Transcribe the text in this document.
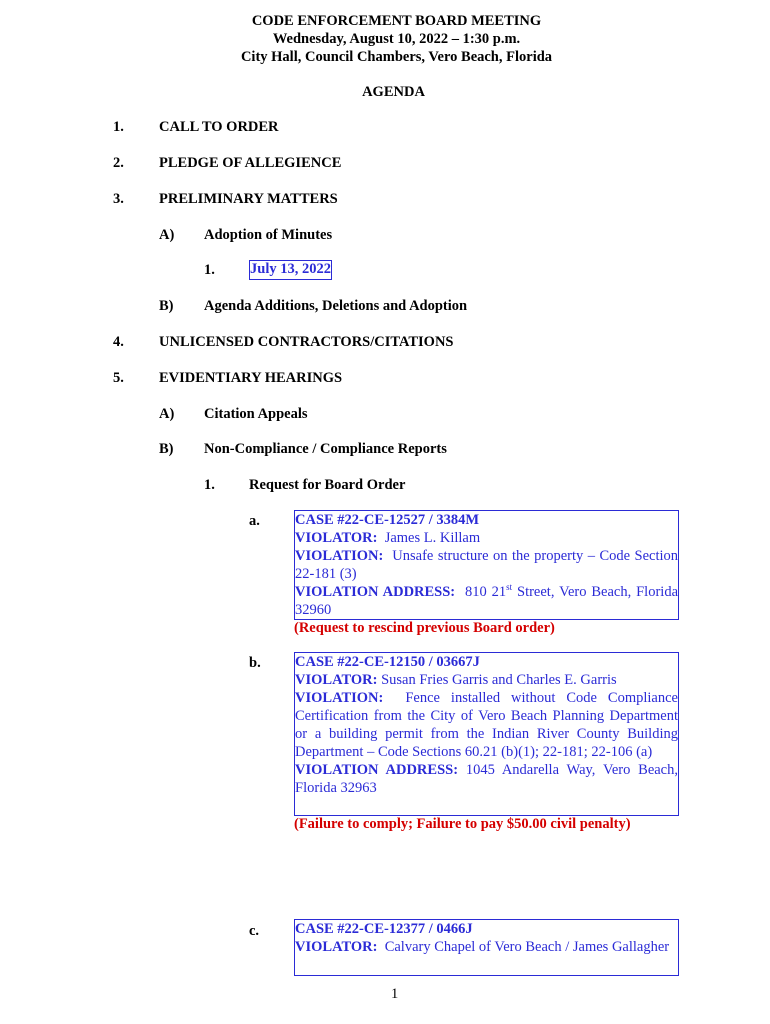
CODE ENFORCEMENT BOARD MEETING
Wednesday, August 10, 2022 – 1:30 p.m.
City Hall, Council Chambers, Vero Beach, Florida
AGENDA
1. CALL TO ORDER
2. PLEDGE OF ALLEGIENCE
3. PRELIMINARY MATTERS
A) Adoption of Minutes
1. July 13, 2022
B) Agenda Additions, Deletions and Adoption
4. UNLICENSED CONTRACTORS/CITATIONS
5. EVIDENTIARY HEARINGS
A) Citation Appeals
B) Non-Compliance / Compliance Reports
1. Request for Board Order
a. CASE #22-CE-12527 / 3384M
VIOLATOR: James L. Killam
VIOLATION: Unsafe structure on the property – Code Section 22-181 (3)
VIOLATION ADDRESS: 810 21st Street, Vero Beach, Florida 32960
(Request to rescind previous Board order)
b. CASE #22-CE-12150 / 03667J
VIOLATOR: Susan Fries Garris and Charles E. Garris
VIOLATION: Fence installed without Code Compliance Certification from the City of Vero Beach Planning Department or a building permit from the Indian River County Building Department – Code Sections 60.21 (b)(1); 22-181; 22-106 (a)
VIOLATION ADDRESS: 1045 Andarella Way, Vero Beach, Florida 32963
(Failure to comply; Failure to pay $50.00 civil penalty)
c. CASE #22-CE-12377 / 0466J
VIOLATOR: Calvary Chapel of Vero Beach / James Gallagher
1
